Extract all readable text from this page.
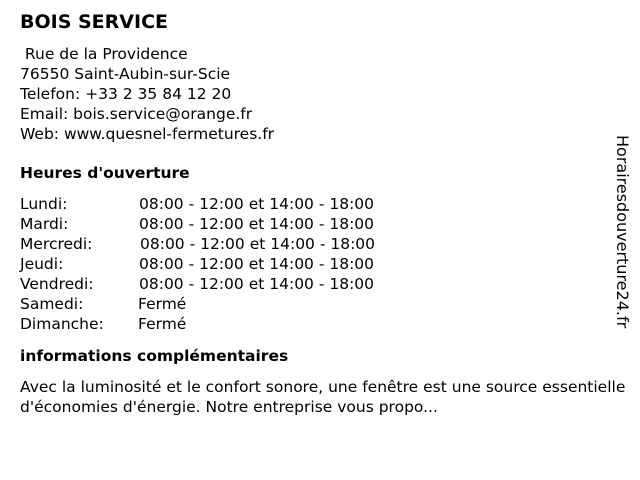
BOIS SERVICE
Rue de la Providence
76550 Saint-Aubin-sur-Scie
Telefon: +33 2 35 84 12 20
Email: bois.service@orange.fr
Web: www.quesnel-fermetures.fr
Heures d'ouverture
Lundi:	08:00 - 12:00 et 14:00 - 18:00
Mardi:	08:00 - 12:00 et 14:00 - 18:00
Mercredi:	08:00 - 12:00 et 14:00 - 18:00
Jeudi:	08:00 - 12:00 et 14:00 - 18:00
Vendredi:	08:00 - 12:00 et 14:00 - 18:00
Samedi:	Fermé
Dimanche: Fermé
informations complémentaires
Avec la luminosité et le confort sonore, une fenêtre est une source essentielle d'économies d'énergie. Notre entreprise vous propo...
Horairesdouverture24.fr
